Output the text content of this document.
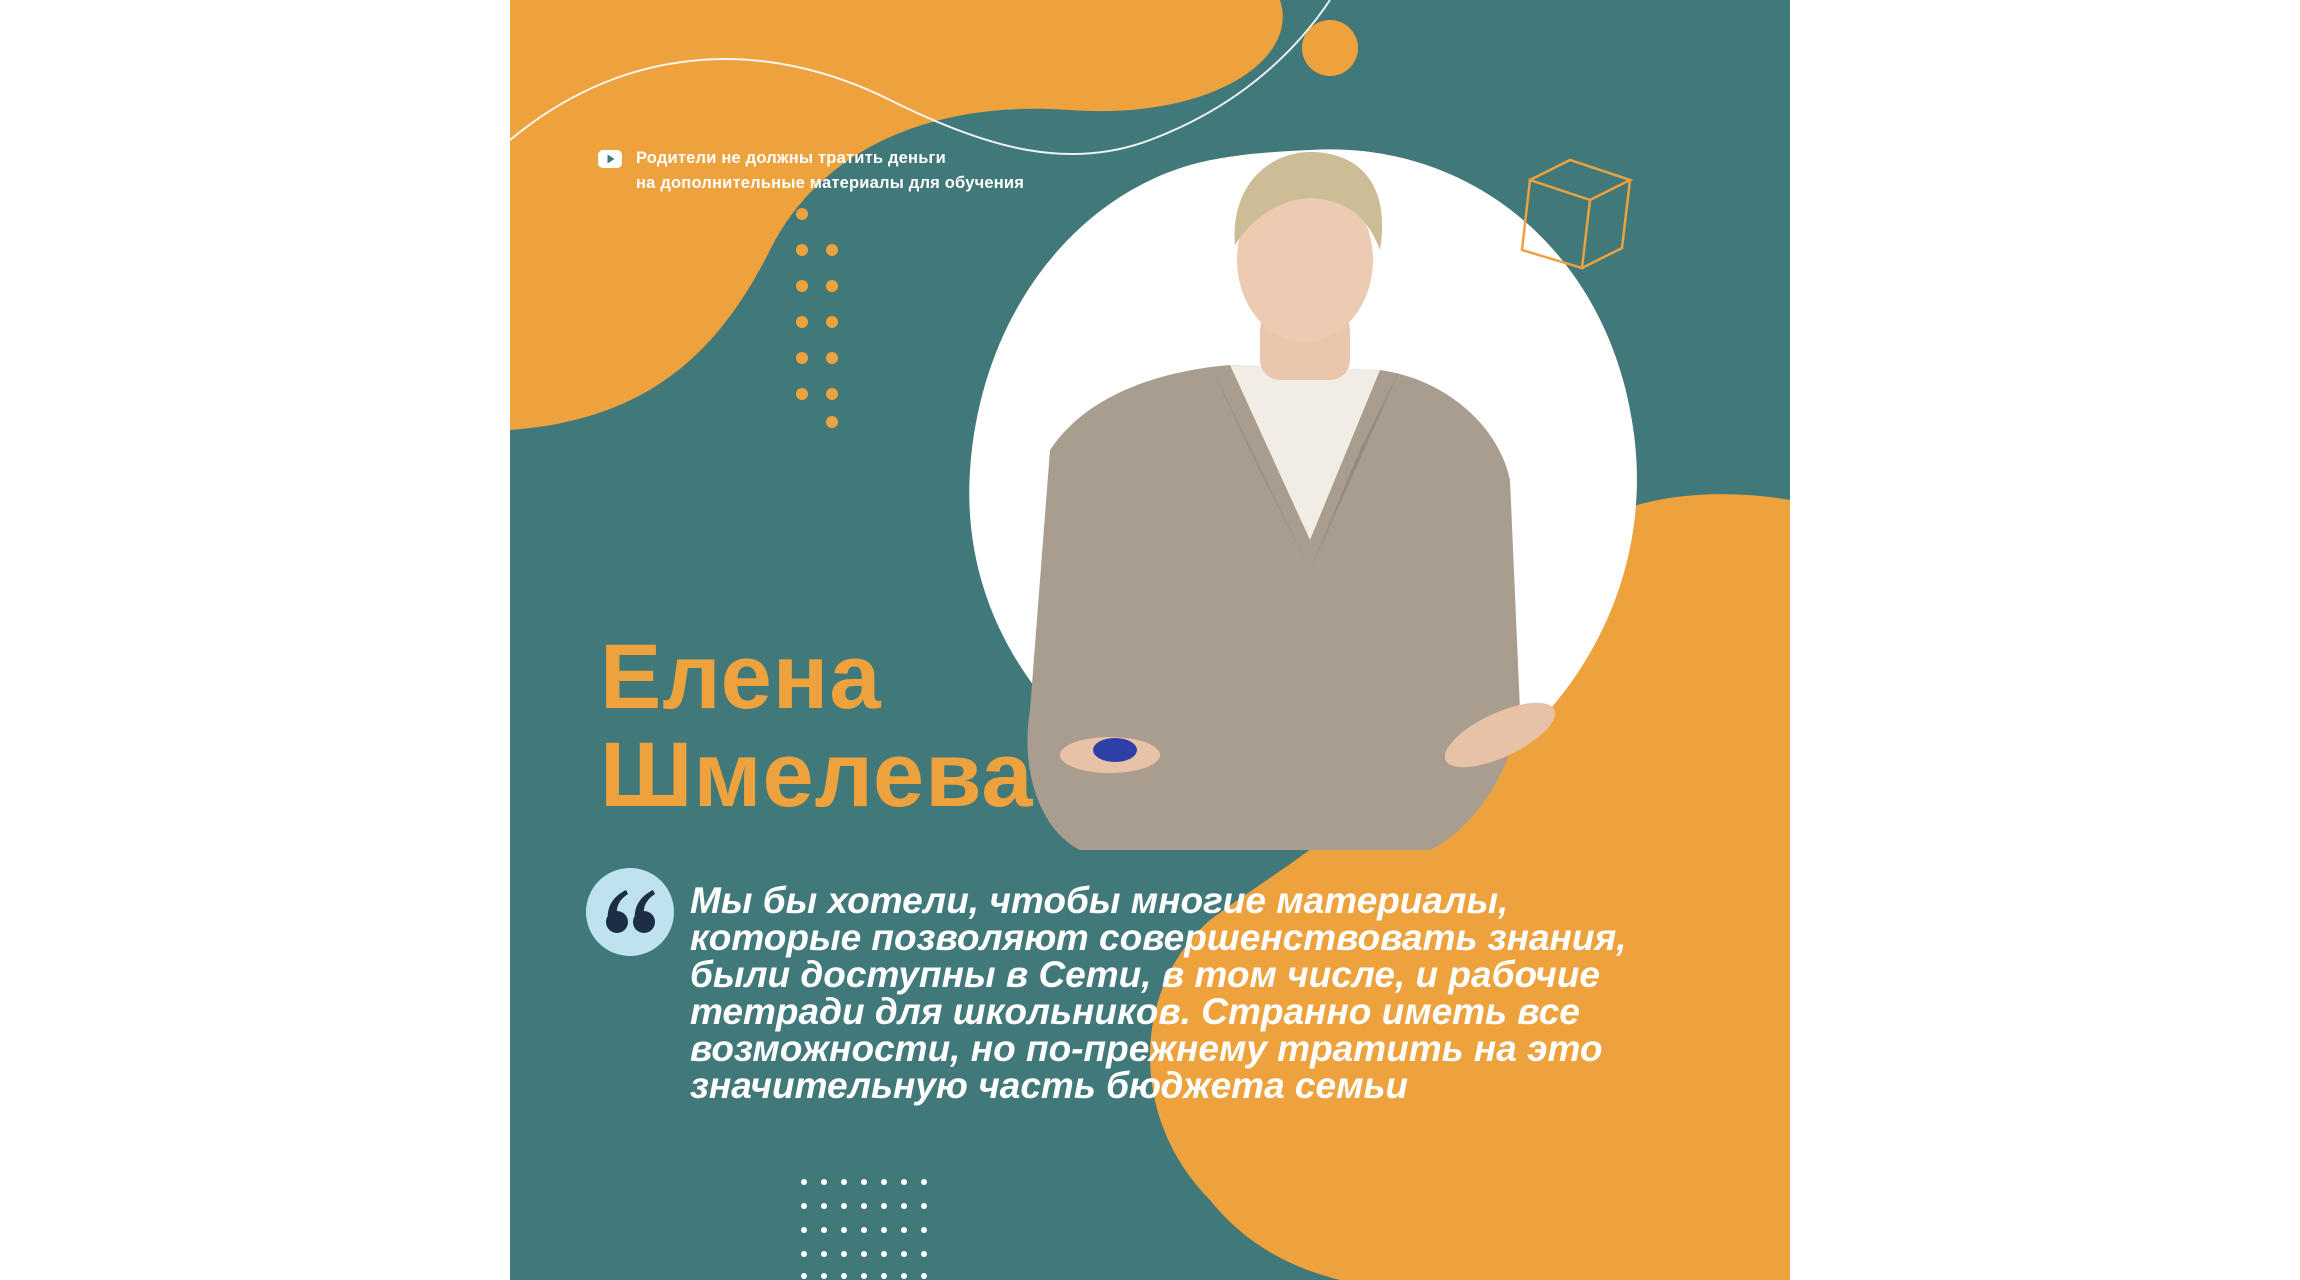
Родители не должны тратить деньги
на дополнительные материалы для обучения
Елена
Шмелева
Мы бы хотели, чтобы многие материалы,
которые позволяют совершенствовать знания,
были доступны в Сети, в том числе, и рабочие
тетради для школьников. Странно иметь все
возможности, но по-прежнему тратить на это
значительную часть бюджета семьи
